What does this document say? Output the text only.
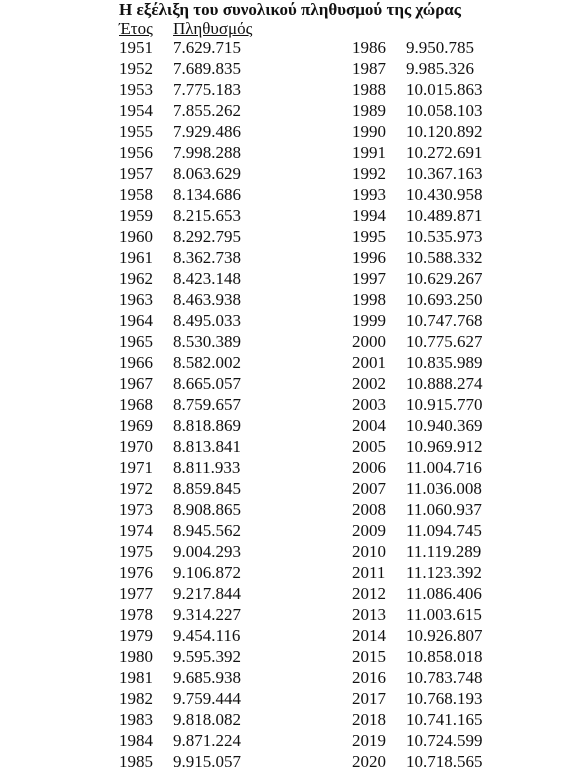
Η εξέλιξη του συνολικού πληθυσμού της χώρας
Έτος Πληθυσμός
1951	7.629.715
1952	7.689.835
1953	7.775.183
1954	7.855.262
1955	7.929.486
1956	7.998.288
1957	8.063.629
1958	8.134.686
1959	8.215.653
1960	8.292.795
1961	8.362.738
1962	8.423.148
1963	8.463.938
1964	8.495.033
1965	8.530.389
1966	8.582.002
1967	8.665.057
1968	8.759.657
1969	8.818.869
1970	8.813.841
1971	8.811.933
1972	8.859.845
1973	8.908.865
1974	8.945.562
1975	9.004.293
1976	9.106.872
1977	9.217.844
1978	9.314.227
1979	9.454.116
1980	9.595.392
1981	9.685.938
1982	9.759.444
1983	9.818.082
1984	9.871.224
1985	9.915.057
1986	9.950.785
1987	9.985.326
1988	10.015.863
1989	10.058.103
1990	10.120.892
1991	10.272.691
1992	10.367.163
1993	10.430.958
1994	10.489.871
1995	10.535.973
1996	10.588.332
1997	10.629.267
1998	10.693.250
1999	10.747.768
2000	10.775.627
2001	10.835.989
2002	10.888.274
2003	10.915.770
2004	10.940.369
2005	10.969.912
2006	11.004.716
2007	11.036.008
2008	11.060.937
2009	11.094.745
2010	11.119.289
2011	11.123.392
2012	11.086.406
2013	11.003.615
2014	10.926.807
2015	10.858.018
2016	10.783.748
2017	10.768.193
2018	10.741.165
2019	10.724.599
2020	10.718.565
